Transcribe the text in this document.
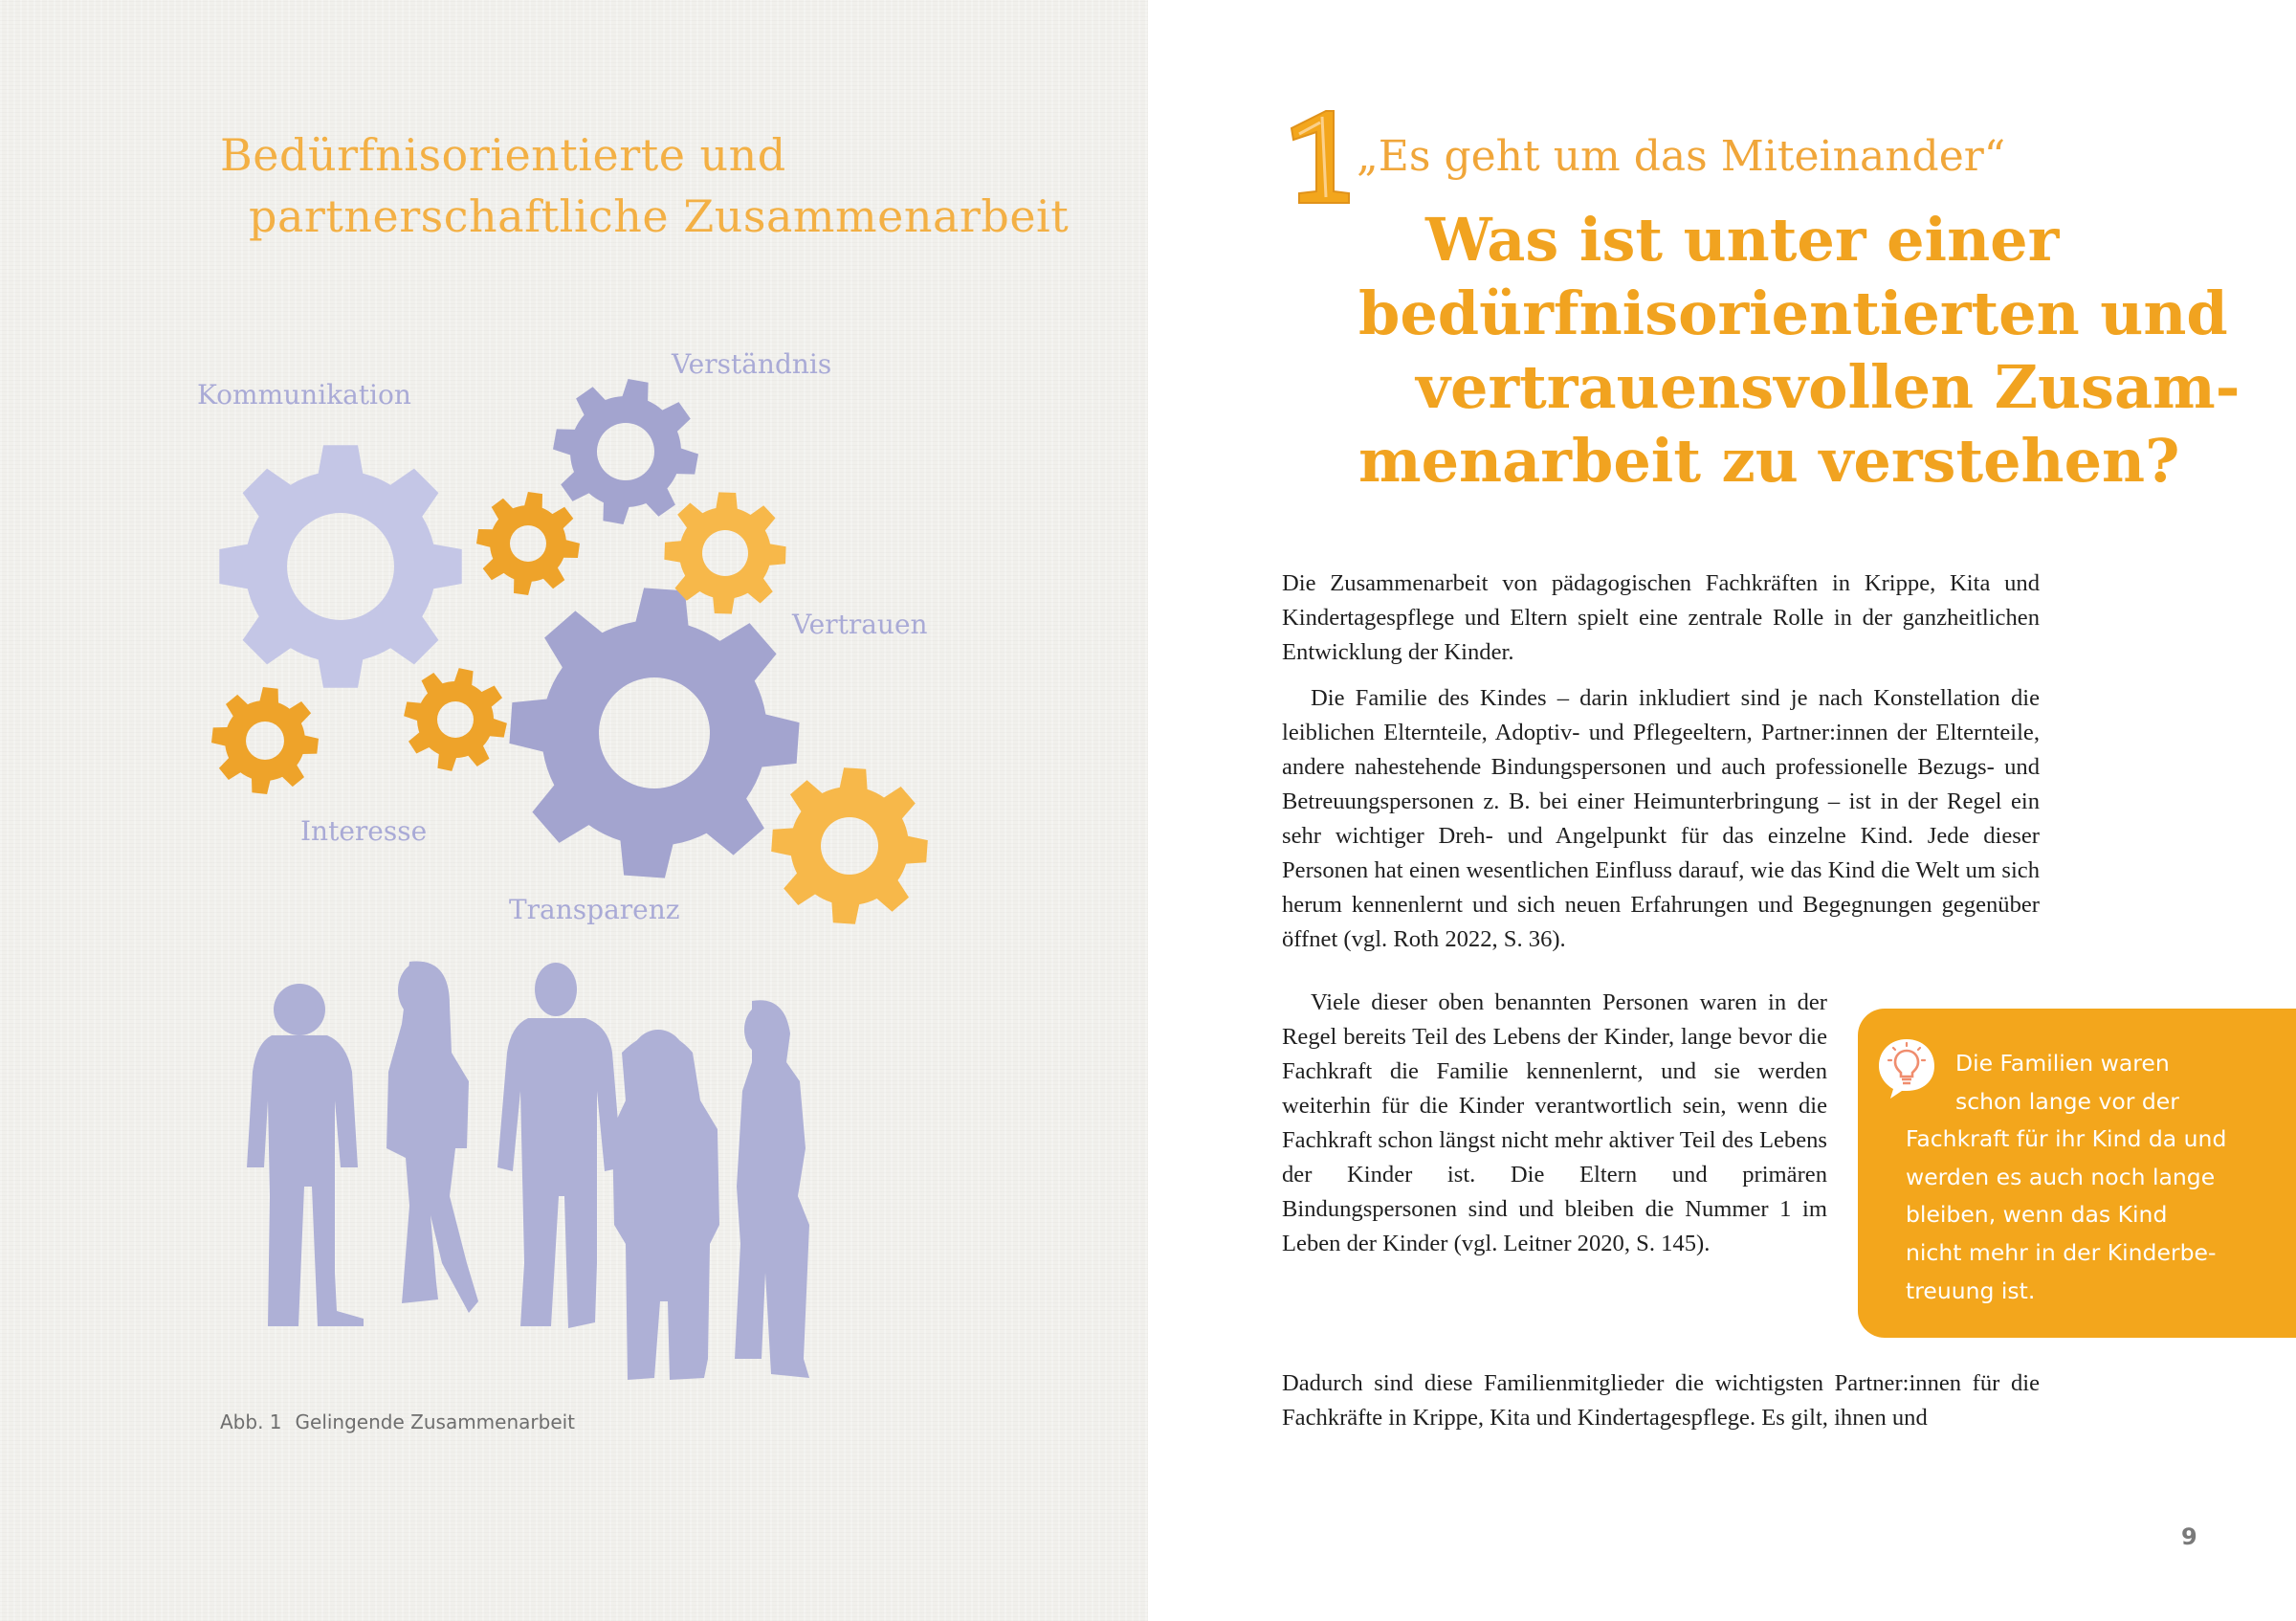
Bedürfnisorientierte und
partnerschaftliche Zusammenarbeit

Kommunikation

Verständnis

Vertrauen

Interesse

Transparenz

Abb. 1 Gelingende Zusammenarbeit

„Es geht um das Miteinander“

Was ist unter einer
bedürfnisorientierten und
vertrauensvollen Zusam-
menarbeit zu verstehen?

Die Zusammenarbeit von pädagogischen Fachkräften in Krippe, Kita und Kindertagespflege und Eltern spielt eine zentrale Rolle in der ganzheitlichen Entwicklung der Kinder.

Die Familie des Kindes – darin inkludiert sind je nach Konstellation die leiblichen Elternteile, Adoptiv- und Pflegeeltern, Partner:innen der Elternteile, andere nahestehende Bindungspersonen und auch professionelle Bezugs- und Betreuungspersonen z. B. bei einer Heimunterbringung – ist in der Regel ein sehr wichtiger Dreh- und Angelpunkt für das einzelne Kind. Jede dieser Personen hat einen wesentlichen Einfluss darauf, wie das Kind die Welt um sich herum kennenlernt und sich neuen Erfahrungen und Begegnungen gegenüber öffnet (vgl. Roth 2022, S. 36).

Viele dieser oben benannten Personen waren in der Regel bereits Teil des Lebens der Kinder, lange bevor die Fachkraft die Familie kennenlernt, und sie werden weiterhin für die Kinder verantwortlich sein, wenn die Fachkraft schon längst nicht mehr aktiver Teil des Lebens der Kinder ist. Die Eltern und primären Bindungspersonen sind und bleiben die Nummer 1 im Leben der Kinder (vgl. Leitner 2020, S. 145).

Dadurch sind diese Familienmitglieder die wichtigsten Partner:innen für die Fachkräfte in Krippe, Kita und Kindertagespflege. Es gilt, ihnen und

Die Familien waren
schon lange vor der
Fachkraft für ihr Kind da und
werden es auch noch lange
bleiben, wenn das Kind
nicht mehr in der Kinderbe-
treuung ist.

9
